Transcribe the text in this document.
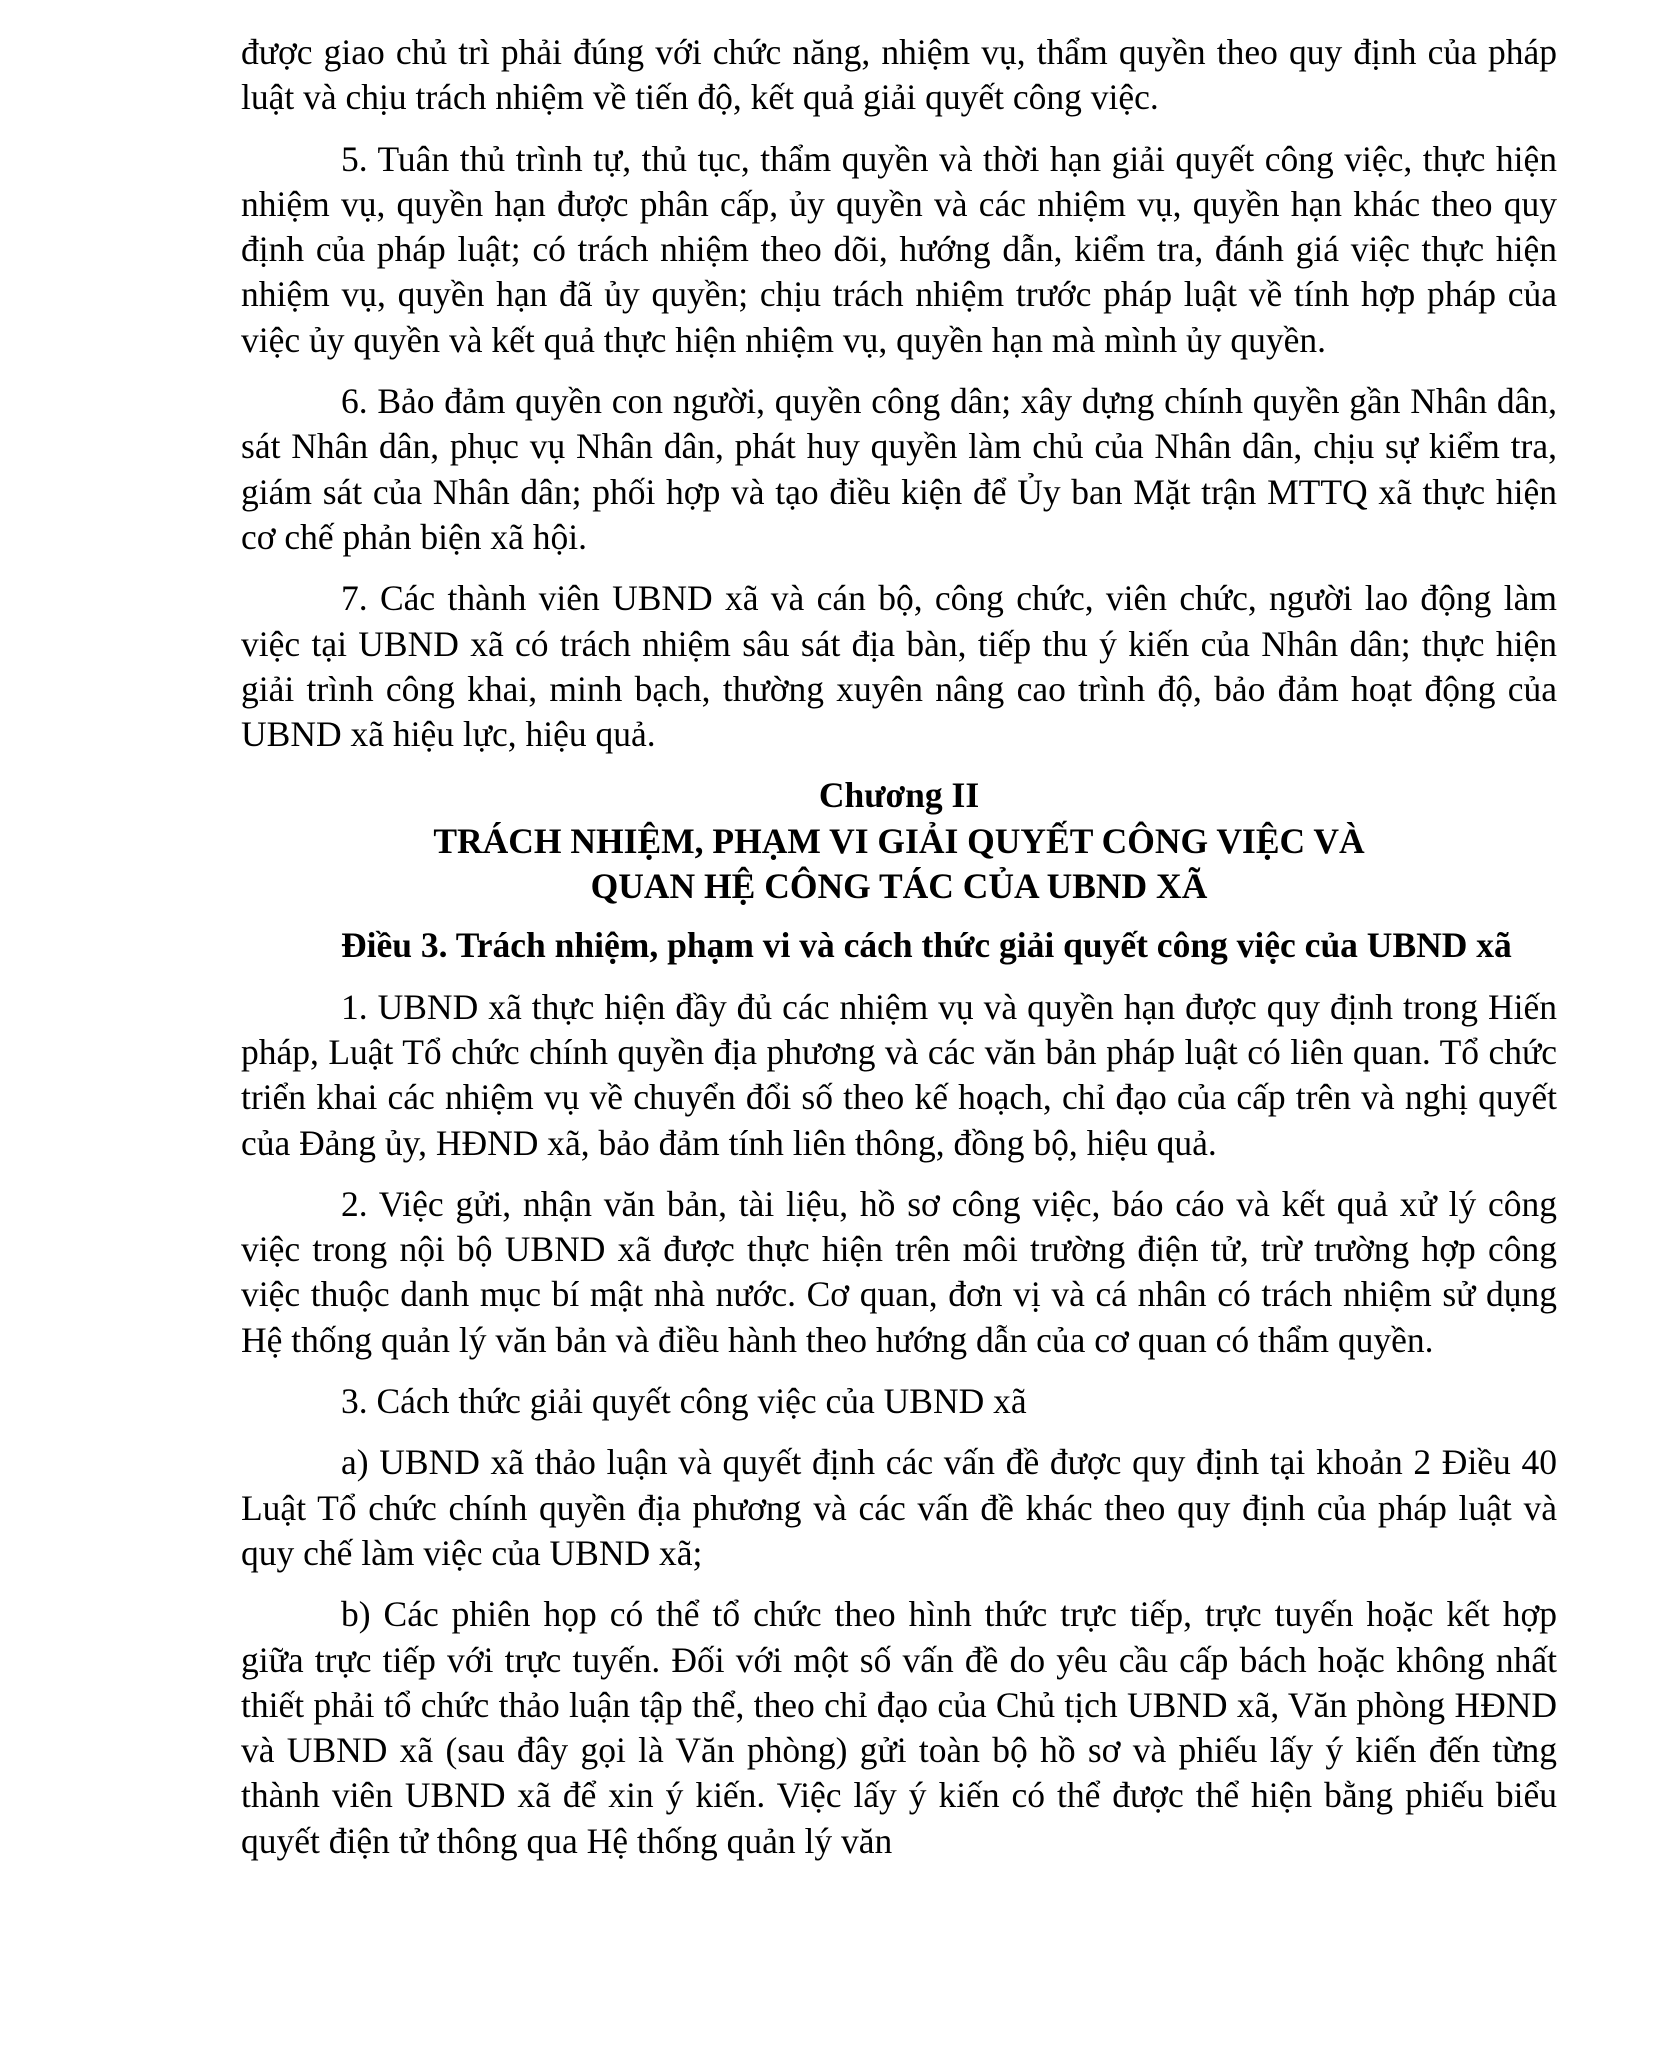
được giao chủ trì phải đúng với chức năng, nhiệm vụ, thẩm quyền theo quy định của pháp luật và chịu trách nhiệm về tiến độ, kết quả giải quyết công việc.

5. Tuân thủ trình tự, thủ tục, thẩm quyền và thời hạn giải quyết công việc, thực hiện nhiệm vụ, quyền hạn được phân cấp, ủy quyền và các nhiệm vụ, quyền hạn khác theo quy định của pháp luật; có trách nhiệm theo dõi, hướng dẫn, kiểm tra, đánh giá việc thực hiện nhiệm vụ, quyền hạn đã ủy quyền; chịu trách nhiệm trước pháp luật về tính hợp pháp của việc ủy quyền và kết quả thực hiện nhiệm vụ, quyền hạn mà mình ủy quyền.

6. Bảo đảm quyền con người, quyền công dân; xây dựng chính quyền gần Nhân dân, sát Nhân dân, phục vụ Nhân dân, phát huy quyền làm chủ của Nhân dân, chịu sự kiểm tra, giám sát của Nhân dân; phối hợp và tạo điều kiện để Ủy ban Mặt trận MTTQ xã thực hiện cơ chế phản biện xã hội.

7. Các thành viên UBND xã và cán bộ, công chức, viên chức, người lao động làm việc tại UBND xã có trách nhiệm sâu sát địa bàn, tiếp thu ý kiến của Nhân dân; thực hiện giải trình công khai, minh bạch, thường xuyên nâng cao trình độ, bảo đảm hoạt động của UBND xã hiệu lực, hiệu quả.

Chương II

TRÁCH NHIỆM, PHẠM VI GIẢI QUYẾT CÔNG VIỆC VÀ

QUAN HỆ CÔNG TÁC CỦA UBND XÃ

Điều 3. Trách nhiệm, phạm vi và cách thức giải quyết công việc của UBND xã

1. UBND xã thực hiện đầy đủ các nhiệm vụ và quyền hạn được quy định trong Hiến pháp, Luật Tổ chức chính quyền địa phương và các văn bản pháp luật có liên quan. Tổ chức triển khai các nhiệm vụ về chuyển đổi số theo kế hoạch, chỉ đạo của cấp trên và nghị quyết của Đảng ủy, HĐND xã, bảo đảm tính liên thông, đồng bộ, hiệu quả.

2. Việc gửi, nhận văn bản, tài liệu, hồ sơ công việc, báo cáo và kết quả xử lý công việc trong nội bộ UBND xã được thực hiện trên môi trường điện tử, trừ trường hợp công việc thuộc danh mục bí mật nhà nước. Cơ quan, đơn vị và cá nhân có trách nhiệm sử dụng Hệ thống quản lý văn bản và điều hành theo hướng dẫn của cơ quan có thẩm quyền.

3. Cách thức giải quyết công việc của UBND xã

a) UBND xã thảo luận và quyết định các vấn đề được quy định tại khoản 2 Điều 40 Luật Tổ chức chính quyền địa phương và các vấn đề khác theo quy định của pháp luật và quy chế làm việc của UBND xã;

b) Các phiên họp có thể tổ chức theo hình thức trực tiếp, trực tuyến hoặc kết hợp giữa trực tiếp với trực tuyến. Đối với một số vấn đề do yêu cầu cấp bách hoặc không nhất thiết phải tổ chức thảo luận tập thể, theo chỉ đạo của Chủ tịch UBND xã, Văn phòng HĐND và UBND xã (sau đây gọi là Văn phòng) gửi toàn bộ hồ sơ và phiếu lấy ý kiến đến từng thành viên UBND xã để xin ý kiến. Việc lấy ý kiến có thể được thể hiện bằng phiếu biểu quyết điện tử thông qua Hệ thống quản lý văn
